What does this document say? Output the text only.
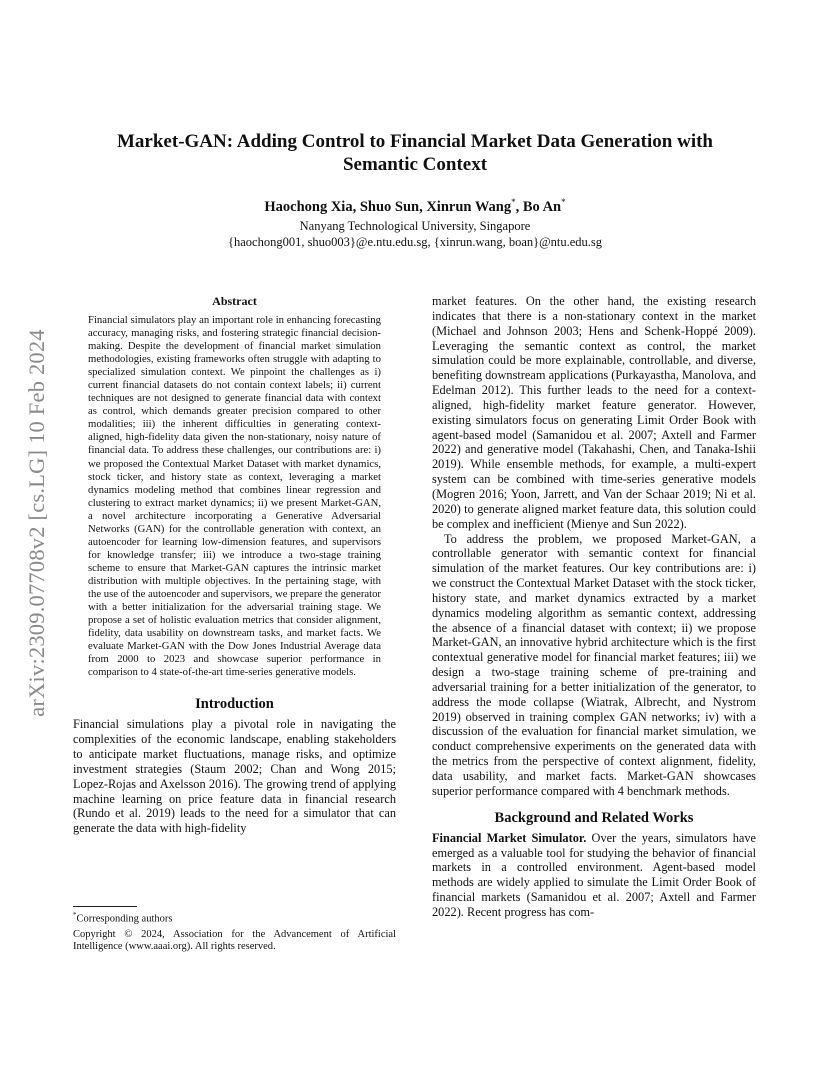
arXiv:2309.07708v2 [cs.LG] 10 Feb 2024
Market-GAN: Adding Control to Financial Market Data Generation with
Semantic Context
Haochong Xia, Shuo Sun, Xinrun Wang*, Bo An*
Nanyang Technological University, Singapore
{haochong001, shuo003}@e.ntu.edu.sg, {xinrun.wang, boan}@ntu.edu.sg
Abstract

Financial simulators play an important role in enhancing forecasting accuracy, managing risks, and fostering strategic financial decision-making. Despite the development of financial market simulation methodologies, existing frameworks often struggle with adapting to specialized simulation context. We pinpoint the challenges as i) current financial datasets do not contain context labels; ii) current techniques are not designed to generate financial data with context as control, which demands greater precision compared to other modalities; iii) the inherent difficulties in generating context-aligned, high-fidelity data given the non-stationary, noisy nature of financial data. To address these challenges, our contributions are: i) we proposed the Contextual Market Dataset with market dynamics, stock ticker, and history state as context, leveraging a market dynamics modeling method that combines linear regression and clustering to extract market dynamics; ii) we present Market-GAN, a novel architecture incorporating a Generative Adversarial Networks (GAN) for the controllable generation with context, an autoencoder for learning low-dimension features, and supervisors for knowledge transfer; iii) we introduce a two-stage training scheme to ensure that Market-GAN captures the intrinsic market distribution with multiple objectives. In the pertaining stage, with the use of the autoencoder and supervisors, we prepare the generator with a better initialization for the adversarial training stage. We propose a set of holistic evaluation metrics that consider alignment, fidelity, data usability on downstream tasks, and market facts. We evaluate Market-GAN with the Dow Jones Industrial Average data from 2000 to 2023 and showcase superior performance in comparison to 4 state-of-the-art time-series generative models.

Introduction

Financial simulations play a pivotal role in navigating the complexities of the economic landscape, enabling stakeholders to anticipate market fluctuations, manage risks, and optimize investment strategies (Staum 2002; Chan and Wong 2015; Lopez-Rojas and Axelsson 2016). The growing trend of applying machine learning on price feature data in financial research (Rundo et al. 2019) leads to the need for a simulator that can generate the data with high-fidelity

market features. On the other hand, the existing research indicates that there is a non-stationary context in the market (Michael and Johnson 2003; Hens and Schenk-Hoppé 2009). Leveraging the semantic context as control, the market simulation could be more explainable, controllable, and diverse, benefiting downstream applications (Purkayastha, Manolova, and Edelman 2012). This further leads to the need for a context-aligned, high-fidelity market feature generator. However, existing simulators focus on generating Limit Order Book with agent-based model (Samanidou et al. 2007; Axtell and Farmer 2022) and generative model (Takahashi, Chen, and Tanaka-Ishii 2019). While ensemble methods, for example, a multi-expert system can be combined with time-series generative models (Mogren 2016; Yoon, Jarrett, and Van der Schaar 2019; Ni et al. 2020) to generate aligned market feature data, this solution could be complex and inefficient (Mienye and Sun 2022).

To address the problem, we proposed Market-GAN, a controllable generator with semantic context for financial simulation of the market features. Our key contributions are: i) we construct the Contextual Market Dataset with the stock ticker, history state, and market dynamics extracted by a market dynamics modeling algorithm as semantic context, addressing the absence of a financial dataset with context; ii) we propose Market-GAN, an innovative hybrid architecture which is the first contextual generative model for financial market features; iii) we design a two-stage training scheme of pre-training and adversarial training for a better initialization of the generator, to address the mode collapse (Wiatrak, Albrecht, and Nystrom 2019) observed in training complex GAN networks; iv) with a discussion of the evaluation for financial market simulation, we conduct comprehensive experiments on the generated data with the metrics from the perspective of context alignment, fidelity, data usability, and market facts. Market-GAN showcases superior performance compared with 4 benchmark methods.

Background and Related Works

Financial Market Simulator. Over the years, simulators have emerged as a valuable tool for studying the behavior of financial markets in a controlled environment. Agent-based model methods are widely applied to simulate the Limit Order Book of financial markets (Samanidou et al. 2007; Axtell and Farmer 2022). Recent progress has com-

*Corresponding authors
Copyright © 2024, Association for the Advancement of Artificial Intelligence (www.aaai.org). All rights reserved.
